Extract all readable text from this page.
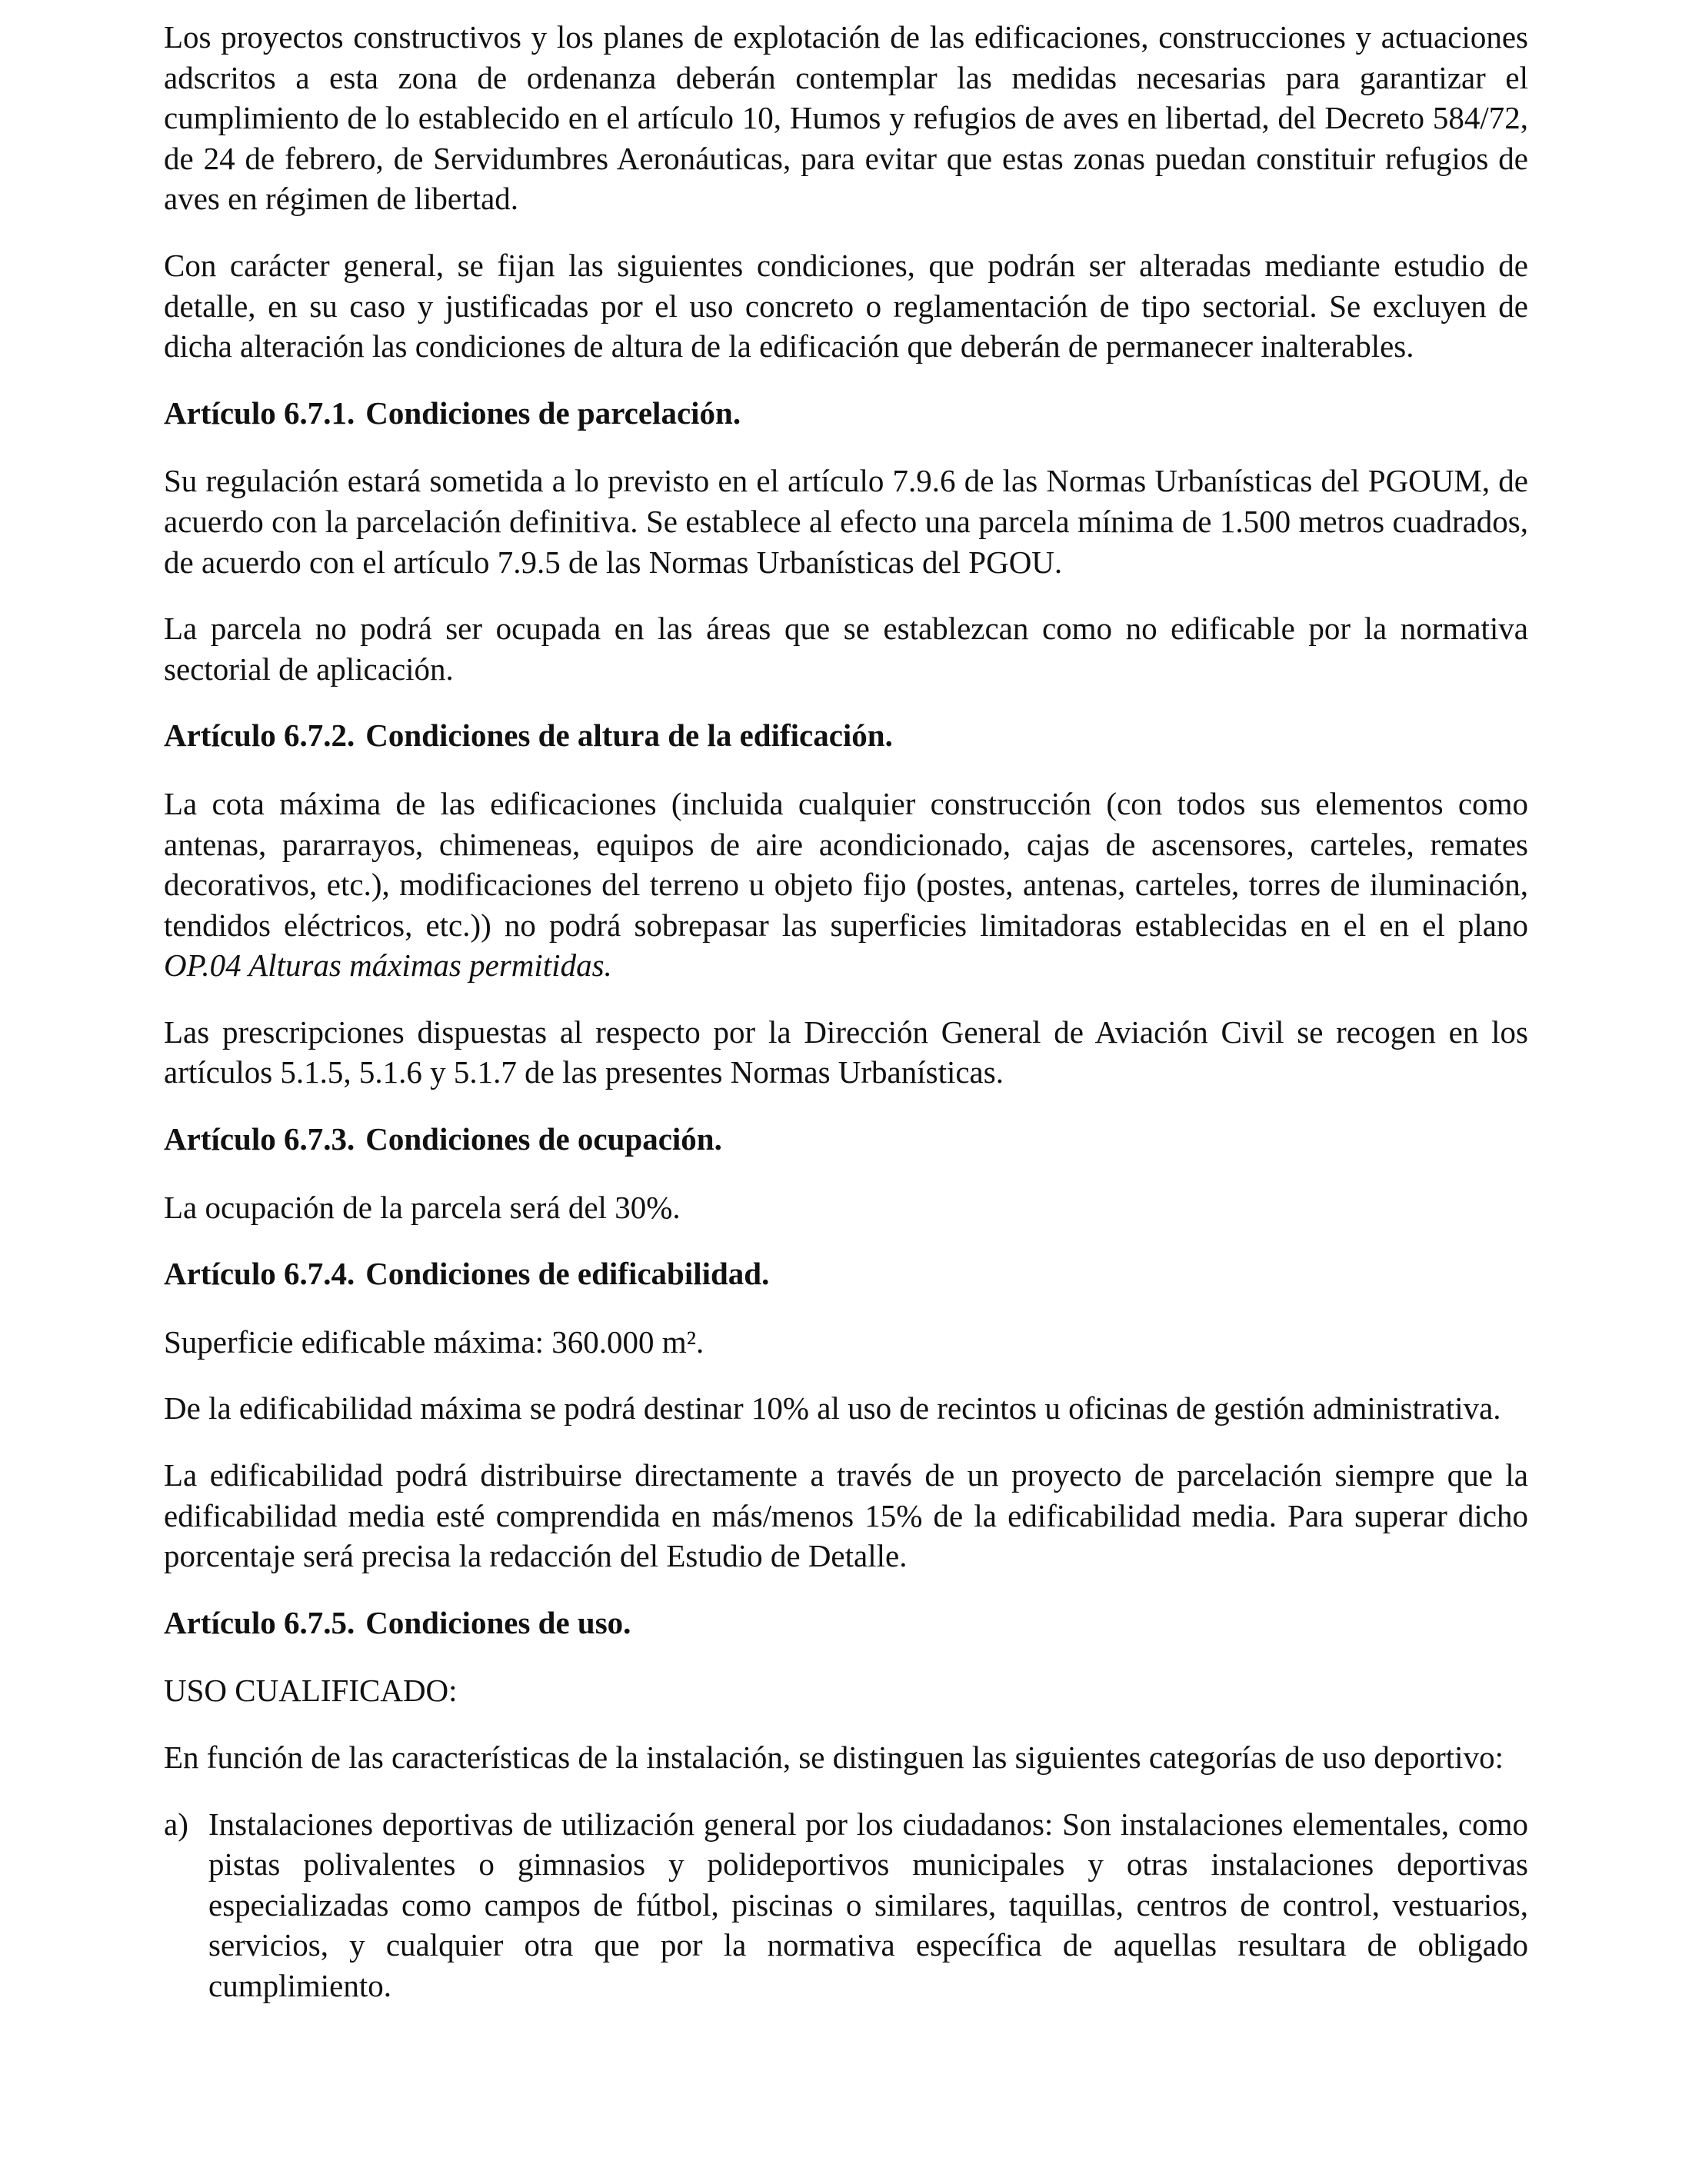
Los proyectos constructivos y los planes de explotación de las edificaciones, construcciones y actuaciones adscritos a esta zona de ordenanza deberán contemplar las medidas necesarias para garantizar el cumplimiento de lo establecido en el artículo 10, Humos y refugios de aves en libertad, del Decreto 584/72, de 24 de febrero, de Servidumbres Aeronáuticas, para evitar que estas zonas puedan constituir refugios de aves en régimen de libertad.

Con carácter general, se fijan las siguientes condiciones, que podrán ser alteradas mediante estudio de detalle, en su caso y justificadas por el uso concreto o reglamentación de tipo sectorial. Se excluyen de dicha alteración las condiciones de altura de la edificación que deberán de permanecer inalterables.

Artículo 6.7.1. Condiciones de parcelación.

Su regulación estará sometida a lo previsto en el artículo 7.9.6 de las Normas Urbanísticas del PGOUM, de acuerdo con la parcelación definitiva. Se establece al efecto una parcela mínima de 1.500 metros cuadrados, de acuerdo con el artículo 7.9.5 de las Normas Urbanísticas del PGOU.

La parcela no podrá ser ocupada en las áreas que se establezcan como no edificable por la normativa sectorial de aplicación.

Artículo 6.7.2. Condiciones de altura de la edificación.

La cota máxima de las edificaciones (incluida cualquier construcción (con todos sus elementos como antenas, pararrayos, chimeneas, equipos de aire acondicionado, cajas de ascensores, carteles, remates decorativos, etc.), modificaciones del terreno u objeto fijo (postes, antenas, carteles, torres de iluminación, tendidos eléctricos, etc.)) no podrá sobrepasar las superficies limitadoras establecidas en el en el plano OP.04 Alturas máximas permitidas.

Las prescripciones dispuestas al respecto por la Dirección General de Aviación Civil se recogen en los artículos 5.1.5, 5.1.6 y 5.1.7 de las presentes Normas Urbanísticas.

Artículo 6.7.3. Condiciones de ocupación.

La ocupación de la parcela será del 30%.

Artículo 6.7.4. Condiciones de edificabilidad.

Superficie edificable máxima: 360.000 m².

De la edificabilidad máxima se podrá destinar 10% al uso de recintos u oficinas de gestión administrativa.

La edificabilidad podrá distribuirse directamente a través de un proyecto de parcelación siempre que la edificabilidad media esté comprendida en más/menos 15% de la edificabilidad media. Para superar dicho porcentaje será precisa la redacción del Estudio de Detalle.

Artículo 6.7.5. Condiciones de uso.

USO CUALIFICADO:

En función de las características de la instalación, se distinguen las siguientes categorías de uso deportivo:

a) Instalaciones deportivas de utilización general por los ciudadanos: Son instalaciones elementales, como pistas polivalentes o gimnasios y polideportivos municipales y otras instalaciones deportivas especializadas como campos de fútbol, piscinas o similares, taquillas, centros de control, vestuarios, servicios, y cualquier otra que por la normativa específica de aquellas resultara de obligado cumplimiento.
